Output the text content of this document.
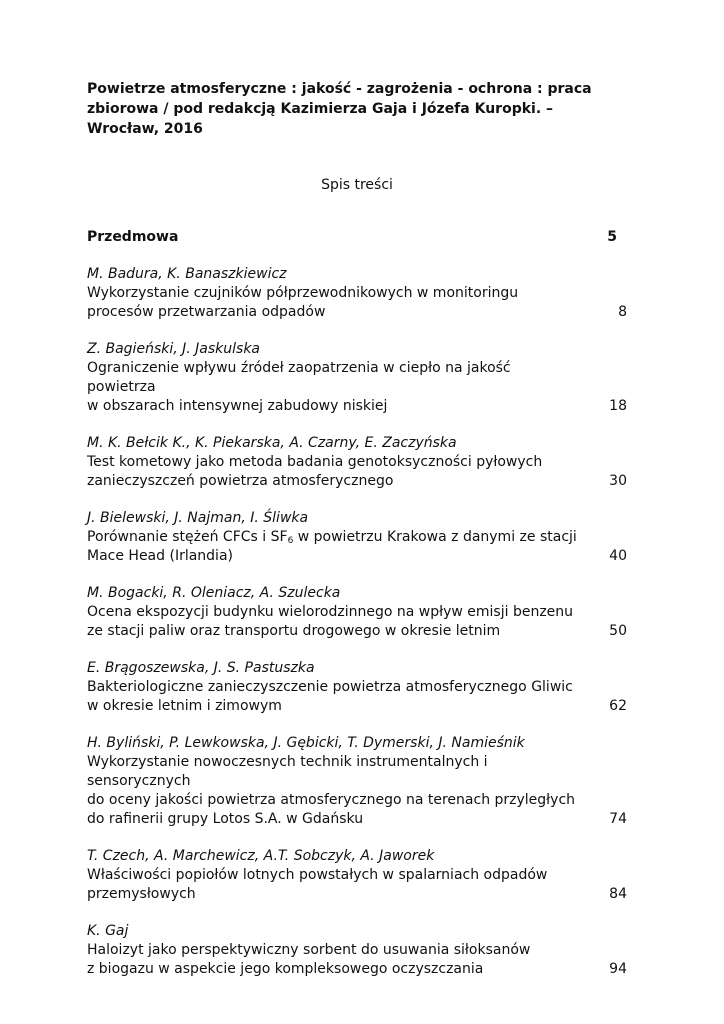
Powietrze atmosferyczne : jakość - zagrożenia - ochrona : praca zbiorowa / pod redakcją Kazimierza Gaja i Józefa Kuropki. – Wrocław, 2016

Spis treści
Przedmowa	5
M. Badura, K. Banaszkiewicz
Wykorzystanie czujników półprzewodnikowych w monitoringu
procesów przetwarzania odpadów	8
Z. Bagieński, J. Jaskulska
Ograniczenie wpływu źródeł zaopatrzenia w ciepło na jakość powietrza
w obszarach intensywnej zabudowy niskiej	18
M. K. Bełcik K., K. Piekarska, A. Czarny, E. Zaczyńska
Test kometowy jako metoda badania genotoksyczności pyłowych
zanieczyszczeń powietrza atmosferycznego	30
J. Bielewski, J. Najman, I. Śliwka
Porównanie stężeń CFCs i $SF_6$ w powietrzu Krakowa z danymi ze stacji
Mace Head (Irlandia)	40
M. Bogacki, R. Oleniacz, A. Szulecka
Ocena ekspozycji budynku wielorodzinnego na wpływ emisji benzenu
ze stacji paliw oraz transportu drogowego w okresie letnim	50
E. Brągoszewska, J. S. Pastuszka
Bakteriologiczne zanieczyszczenie powietrza atmosferycznego Gliwic
w okresie letnim i zimowym	62
H. Byliński, P. Lewkowska, J. Gębicki, T. Dymerski, J. Namieśnik
Wykorzystanie nowoczesnych technik instrumentalnych i sensorycznych
do oceny jakości powietrza atmosferycznego na terenach przyległych
do rafinerii grupy Lotos S.A. w Gdańsku	74
T. Czech, A. Marchewicz, A.T. Sobczyk, A. Jaworek
Właściwości popiołów lotnych powstałych w spalarniach odpadów
przemysłowych	84
K. Gaj
Haloizyt jako perspektywiczny sorbent do usuwania siłoksanów
z biogazu w aspekcie jego kompleksowego oczyszczania	94
